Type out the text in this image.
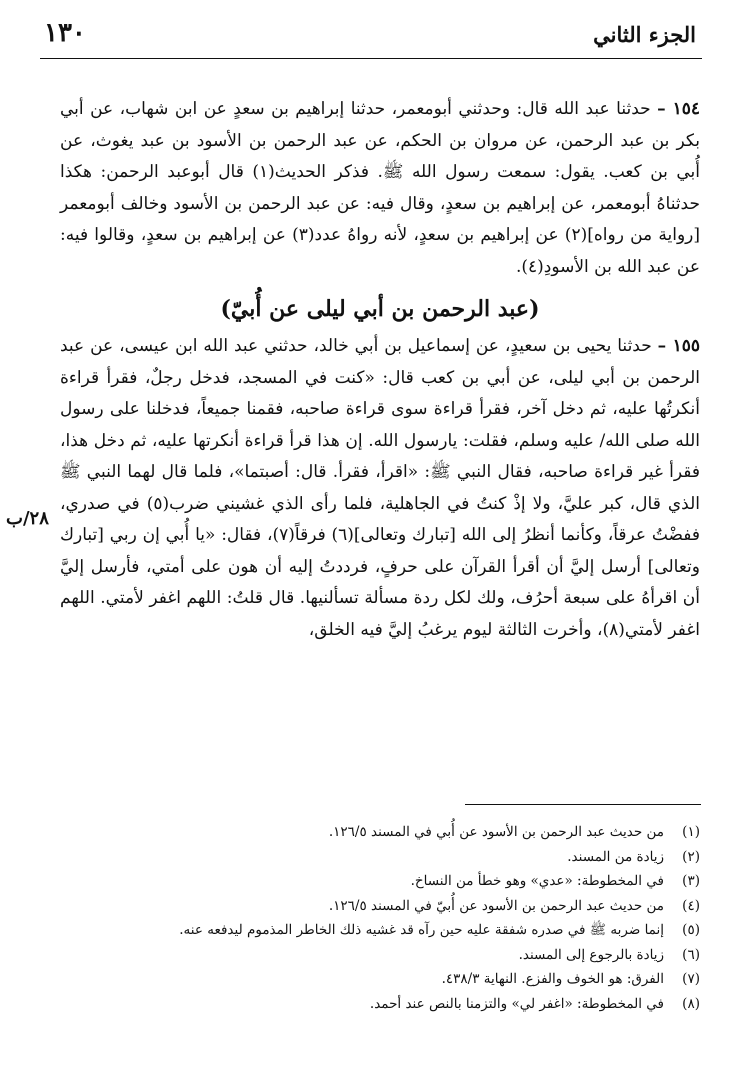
١٣٠	الجزء الثاني

١٥٤ – حدثنا عبد الله قال: وحدثني أبومعمر، حدثنا إبراهيم بن سعدٍ عن ابن شهاب، عن أبي بكر بن عبد الرحمن، عن مروان بن الحكم، عن عبد الرحمن بن الأسود بن عبد يغوث، عن أُبي بن كعب. يقول: سمعت رسول الله ﷺ. فذكر الحديث(١) قال أبوعبد الرحمن: هكذا حدثناهُ أبومعمر، عن إبراهيم بن سعدٍ، وقال فيه: عن عبد الرحمن بن الأسود وخالف أبومعمر [رواية من رواه](٢) عن إبراهيم بن سعدٍ، لأنه رواهُ عدد(٣) عن إبراهيم بن سعدٍ، وقالوا فيه: عن عبد الله بن الأسودِ(٤).

(عبد الرحمن بن أبي ليلى عن أُبيّ)

١٥٥ – حدثنا يحيى بن سعيدٍ، عن إسماعيل بن أبي خالد، حدثني عبد الله ابن عيسى، عن عبد الرحمن بن أبي ليلى، عن أبي بن كعب قال: «كنت في المسجد، فدخل رجلٌ، فقرأ قراءة أنكرتُها عليه، ثم دخل آخر، فقرأ قراءة سوى قراءة صاحبه، فقمنا جميعاً، فدخلنا على رسول الله صلى الله/ عليه وسلم، فقلت: يارسول الله. إن هذا قرأ قراءة أنكرتها عليه، ثم دخل هذا، فقرأ غير قراءة صاحبه، فقال النبي ﷺ: «اقرأ، فقرأ. قال: أصبتما»، فلما قال لهما النبي ﷺ الذي قال، كبر عليَّ، ولا إذْ كنتُ في الجاهلية، فلما رأى الذي غشيني ضرب(٥) في صدري، ففضْتُ عرقاً، وكأنما أنظرُ إلى الله [تبارك وتعالى](٦) فرقاً(٧)، فقال: «يا أُبي إن ربي [تبارك وتعالى] أرسل إليَّ أن أقرأ القرآن على حرفٍ، فرددتُ إليه أن هون على أمتي، فأرسل إليَّ أن اقرأهُ على سبعة أحرُف، ولك لكل ردة مسألة تسألنيها. قال قلتُ: اللهم اغفر لأمتي. اللهم اغفر لأمتي(٨)، وأخرت الثالثة ليوم يرغبُ إليَّ فيه الخلق،

٢٨/ب
(١)من حديث عبد الرحمن بن الأسود عن أُبي في المسند ١٢٦/٥.
(٢)زيادة من المسند.
(٣)في المخطوطة: «عدي» وهو خطأ من النساخ.
(٤)من حديث عبد الرحمن بن الأسود عن أُبيّ في المسند ١٢٦/٥.
(٥)إنما ضربه ﷺ في صدره شفقة عليه حين رآه قد غشيه ذلك الخاطر المذموم ليدفعه عنه.
(٦)زيادة بالرجوع إلى المسند.
(٧)الفرق: هو الخوف والفزع. النهاية ٤٣٨/٣.
(٨)في المخطوطة: «اغفر لي» والتزمنا بالنص عند أحمد.
